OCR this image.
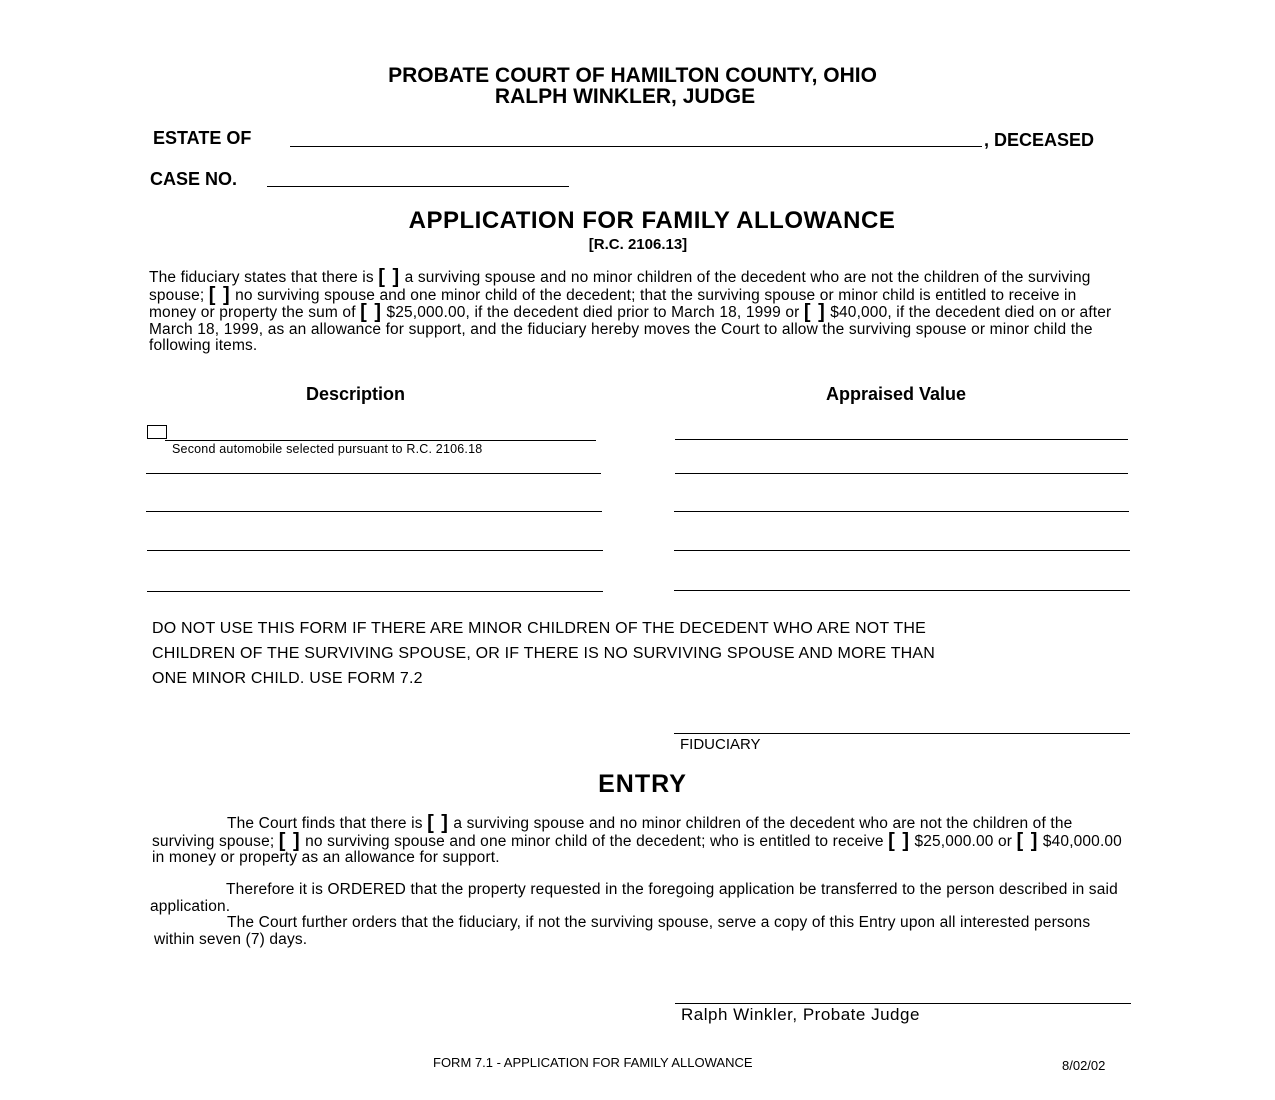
PROBATE COURT OF HAMILTON COUNTY, OHIO
RALPH WINKLER, JUDGE
ESTATE OF	, DECEASED
CASE NO.
APPLICATION FOR FAMILY ALLOWANCE
[R.C. 2106.13]
The fiduciary states that there is [ ] a surviving spouse and no minor children of the decedent who are not the children of the surviving spouse; [ ] no surviving spouse and one minor child of the decedent; that the surviving spouse or minor child is entitled to receive in money or property the sum of [ ] $25,000.00, if the decedent died prior to March 18, 1999 or [ ] $40,000, if the decedent died on or after March 18, 1999, as an allowance for support, and the fiduciary hereby moves the Court to allow the surviving spouse or minor child the following items.
Description	Appraised Value
Second automobile selected pursuant to R.C. 2106.18
DO NOT USE THIS FORM IF THERE ARE MINOR CHILDREN OF THE DECEDENT WHO ARE NOT THE
CHILDREN OF THE SURVIVING SPOUSE, OR IF THERE IS NO SURVIVING SPOUSE AND MORE THAN
ONE MINOR CHILD. USE FORM 7.2
FIDUCIARY
ENTRY
The Court finds that there is [ ] a surviving spouse and no minor children of the decedent who are not the children of the surviving spouse; [ ] no surviving spouse and one minor child of the decedent; who is entitled to receive [ ] $25,000.00 or [ ] $40,000.00 in money or property as an allowance for support.
Therefore it is ORDERED that the property requested in the foregoing application be transferred to the person described in said application.
The Court further orders that the fiduciary, if not the surviving spouse, serve a copy of this Entry upon all interested persons within seven (7) days.
Ralph Winkler, Probate Judge
FORM 7.1 - APPLICATION FOR FAMILY ALLOWANCE	8/02/02
